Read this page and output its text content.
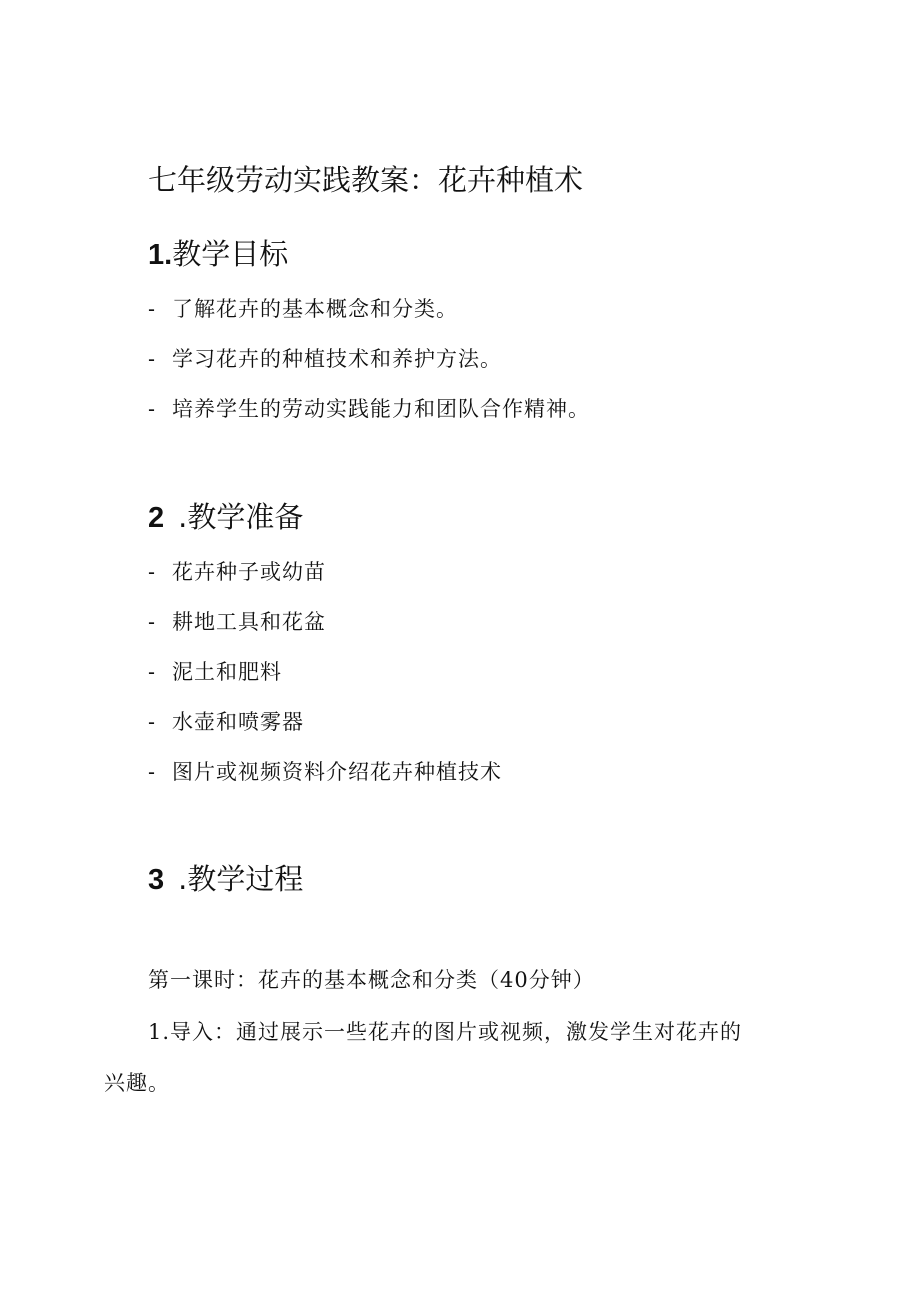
七年级劳动实践教案：花卉种植术
1.教学目标
- 了解花卉的基本概念和分类。
- 学习花卉的种植技术和养护方法。
- 培养学生的劳动实践能力和团队合作精神。
2 .教学准备
- 花卉种子或幼苗
- 耕地工具和花盆
- 泥土和肥料
- 水壶和喷雾器
- 图片或视频资料介绍花卉种植技术
3 .教学过程
第一课时：花卉的基本概念和分类（40分钟）
1.导入：通过展示一些花卉的图片或视频，激发学生对花卉的
兴趣。
